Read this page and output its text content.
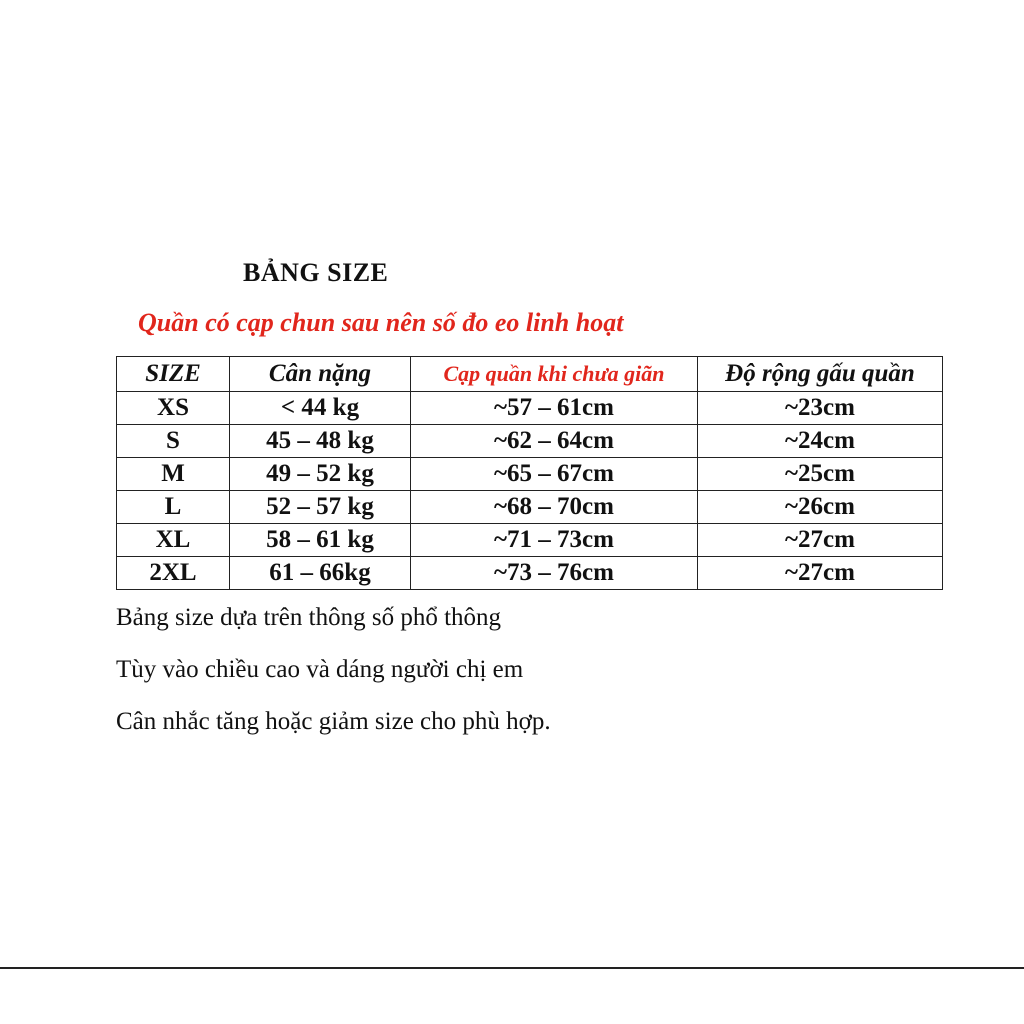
BẢNG SIZE
Quần có cạp chun sau nên số đo eo linh hoạt
SIZE	Cân nặng	Cạp quần khi chưa giãn	Độ rộng gấu quần
XS	< 44 kg	~57 – 61cm	~23cm
S	45 – 48 kg	~62 – 64cm	~24cm
M	49 – 52 kg	~65 – 67cm	~25cm
L	52 – 57 kg	~68 – 70cm	~26cm
XL	58 – 61 kg	~71 – 73cm	~27cm
2XL	61 – 66kg	~73 – 76cm	~27cm

Bảng size dựa trên thông số phổ thông

Tùy vào chiều cao và dáng người chị em

Cân nhắc tăng hoặc giảm size cho phù hợp.
